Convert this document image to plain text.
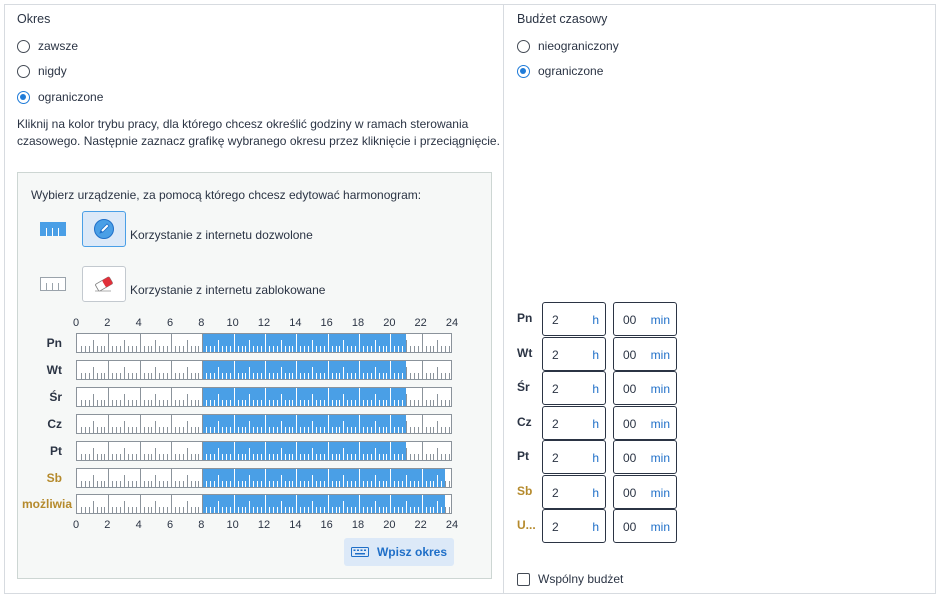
Okres
zawsze
nigdy
ograniczone
Kliknij na kolor trybu pracy, dla którego chcesz określić godziny w ramach sterowania czasowego. Następnie zaznacz grafikę wybranego okresu przez kliknięcie i przeciągnięcie.
Wybierz urządzenie, za pomocą którego chcesz edytować harmonogram:
Korzystanie z internetu dozwolone
Korzystanie z internetu zablokowane
0
0
2
2
4
4
6
6
8
8
10
10
12
12
14
14
16
16
18
18
20
20
22
22
24
24
Pn
Wt
Śr
Cz
Pt
Sb
możliwia
Wpisz okres
Budżet czasowy
nieograniczony
ograniczone
Pn	2	h 00 min
Wt	2	h 00 min
Śr	2	h 00 min
Cz	2	h 00 min
Pt	2	h 00 min
Sb	2	h 00 min
U... 2	h 00 min
Wspólny budżet
